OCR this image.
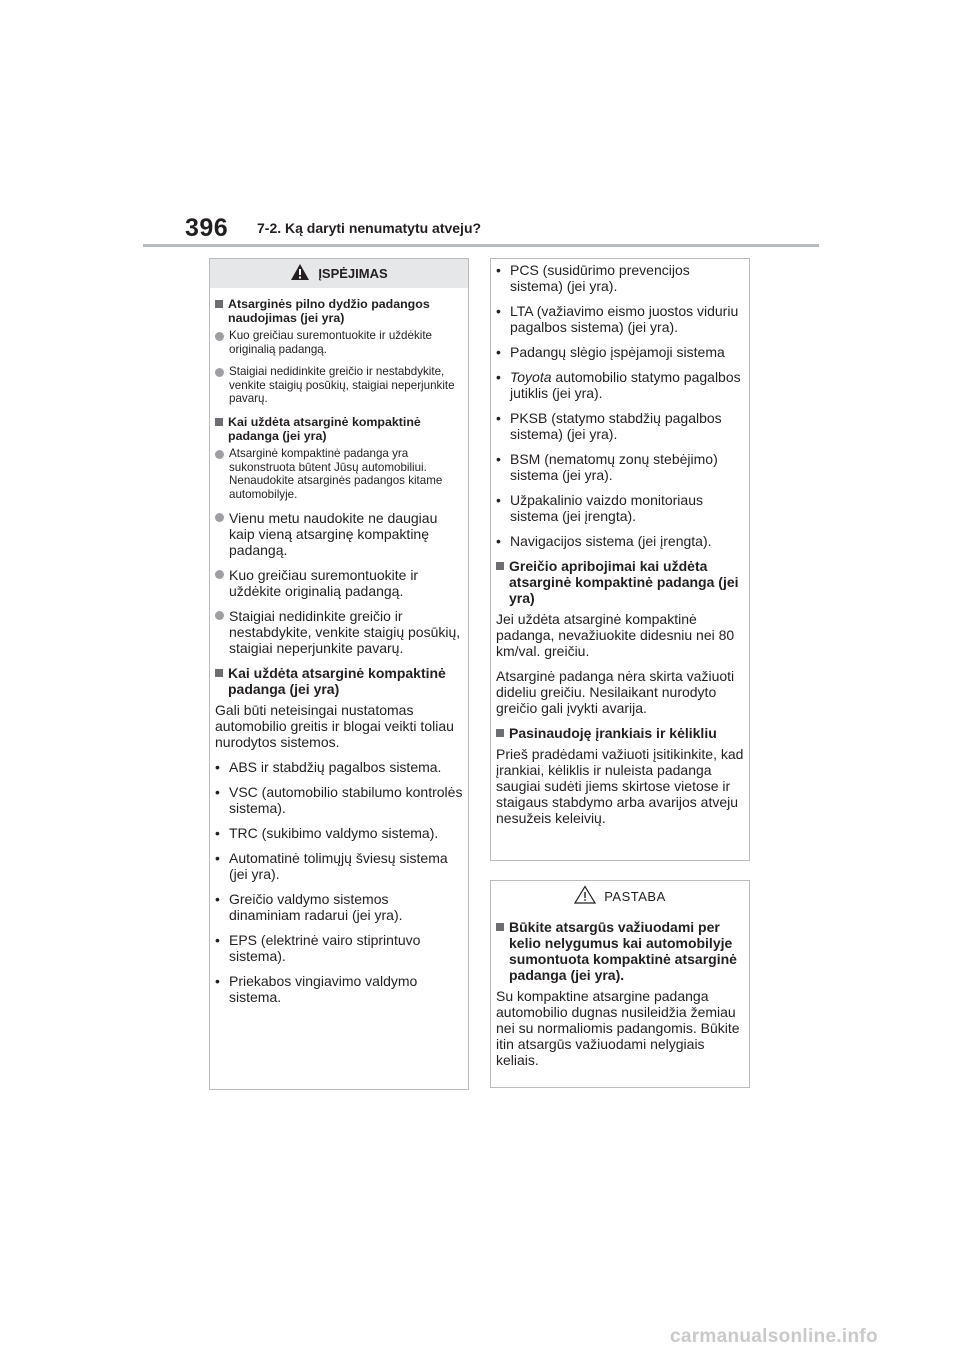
396 7-2. Ką daryti nenumatytu atveju?
ĮSPĖJIMAS
Atsarginės pilno dydžio padangos naudojimas (jei yra)
Kuo greičiau suremontuokite ir uždėkite originalią padangą.
Staigiai nedidinkite greičio ir nestabdykite, venkite staigių posūkių, staigiai neperjunkite pavarų.
Kai uždėta atsarginė kompaktinė padanga (jei yra)
Atsarginė kompaktinė padanga yra sukonstruota būtent Jūsų automobiliui. Nenaudokite atsarginės padangos kitame automobilyje.
Vienu metu naudokite ne daugiau kaip vieną atsarginę kompaktinę padangą.
Kuo greičiau suremontuokite ir uždėkite originalią padangą.
Staigiai nedidinkite greičio ir nestabdykite, venkite staigių posūkių, staigiai neperjunkite pavarų.
Kai uždėta atsarginė kompaktinė padanga (jei yra)
Gali būti neteisingai nustatomas automobilio greitis ir blogai veikti toliau nurodytos sistemos.
• ABS ir stabdžių pagalbos sistema.
• VSC (automobilio stabilumo kontrolės sistema).
• TRC (sukibimo valdymo sistema).
• Automatinė tolimųjų šviesų sistema (jei yra).
• Greičio valdymo sistemos dinaminiam radarui (jei yra).
• EPS (elektrinė vairo stiprintuvo sistema).
• Priekabos vingiavimo valdymo sistema.
• PCS (susidūrimo prevencijos sistema) (jei yra).
• LTA (važiavimo eismo juostos viduriu pagalbos sistema) (jei yra).
• Padangų slėgio įspėjamoji sistema
• Toyota automobilio statymo pagalbos jutiklis (jei yra).
• PKSB (statymo stabdžių pagalbos sistema) (jei yra).
• BSM (nematomų zonų stebėjimo) sistema (jei yra).
• Užpakalinio vaizdo monitoriaus sistema (jei įrengta).
• Navigacijos sistema (jei įrengta).
Greičio apribojimai kai uždėta atsarginė kompaktinė padanga (jei yra)
Jei uždėta atsarginė kompaktinė padanga, nevažiuokite didesniu nei 80 km/val. greičiu.
Atsarginė padanga nėra skirta važiuoti dideliu greičiu. Nesilaikant nurodyto greičio gali įvykti avarija.
Pasinaudoję įrankiais ir kėlikliu
Prieš pradėdami važiuoti įsitikinkite, kad įrankiai, kėliklis ir nuleista padanga saugiai sudėti jiems skirtose vietose ir staigaus stabdymo arba avarijos atveju nesužeis keleivių.
PASTABA
Būkite atsargūs važiuodami per kelio nelygumus kai automobilyje sumontuota kompaktinė atsarginė padanga (jei yra).
Su kompaktine atsargine padanga automobilio dugnas nusileidžia žemiau nei su normaliomis padangomis. Būkite itin atsargūs važiuodami nelygiais keliais.
carmanualsonline.info
